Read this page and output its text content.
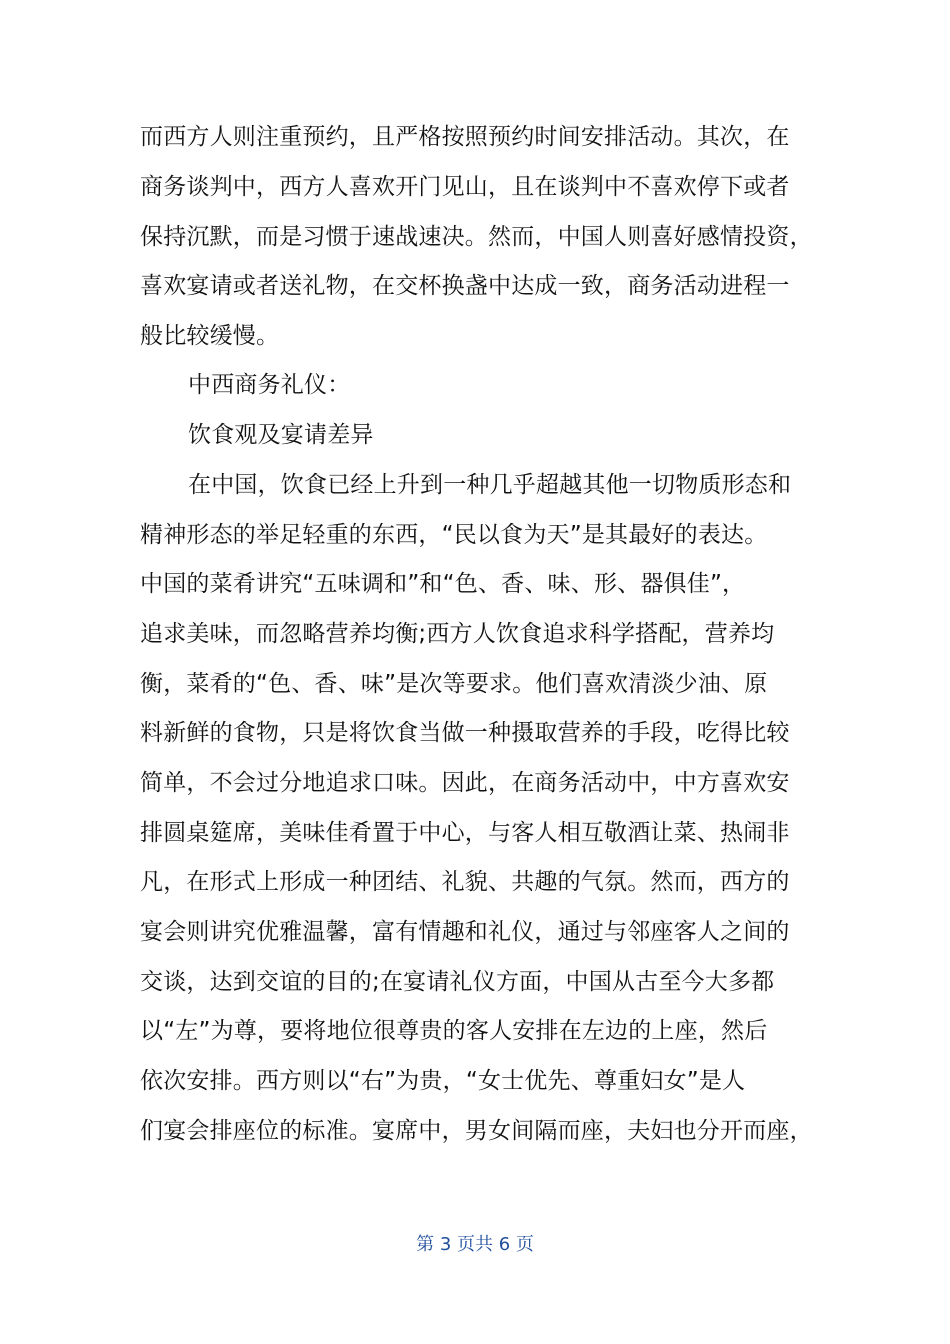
而西方人则注重预约，且严格按照预约时间安排活动。其次，在
商务谈判中，西方人喜欢开门见山，且在谈判中不喜欢停下或者
保持沉默，而是习惯于速战速决。然而，中国人则喜好感情投资，
喜欢宴请或者送礼物，在交杯换盏中达成一致，商务活动进程一
般比较缓慢。
中西商务礼仪：
饮食观及宴请差异
在中国，饮食已经上升到一种几乎超越其他一切物质形态和
精神形态的举足轻重的东西，“民以食为天”是其最好的表达。
中国的菜肴讲究“五味调和”和“色、香、味、形、器俱佳”，
追求美味，而忽略营养均衡;西方人饮食追求科学搭配，营养均
衡，菜肴的“色、香、味”是次等要求。他们喜欢清淡少油、原
料新鲜的食物，只是将饮食当做一种摄取营养的手段，吃得比较
简单，不会过分地追求口味。因此，在商务活动中，中方喜欢安
排圆桌筵席，美味佳肴置于中心，与客人相互敬酒让菜、热闹非
凡，在形式上形成一种团结、礼貌、共趣的气氛。然而，西方的
宴会则讲究优雅温馨，富有情趣和礼仪，通过与邻座客人之间的
交谈，达到交谊的目的;在宴请礼仪方面，中国从古至今大多都
以“左”为尊，要将地位很尊贵的客人安排在左边的上座，然后
依次安排。西方则以“右”为贵，“女士优先、尊重妇女”是人
们宴会排座位的标准。宴席中，男女间隔而座，夫妇也分开而座，
第 3 页共 6 页
